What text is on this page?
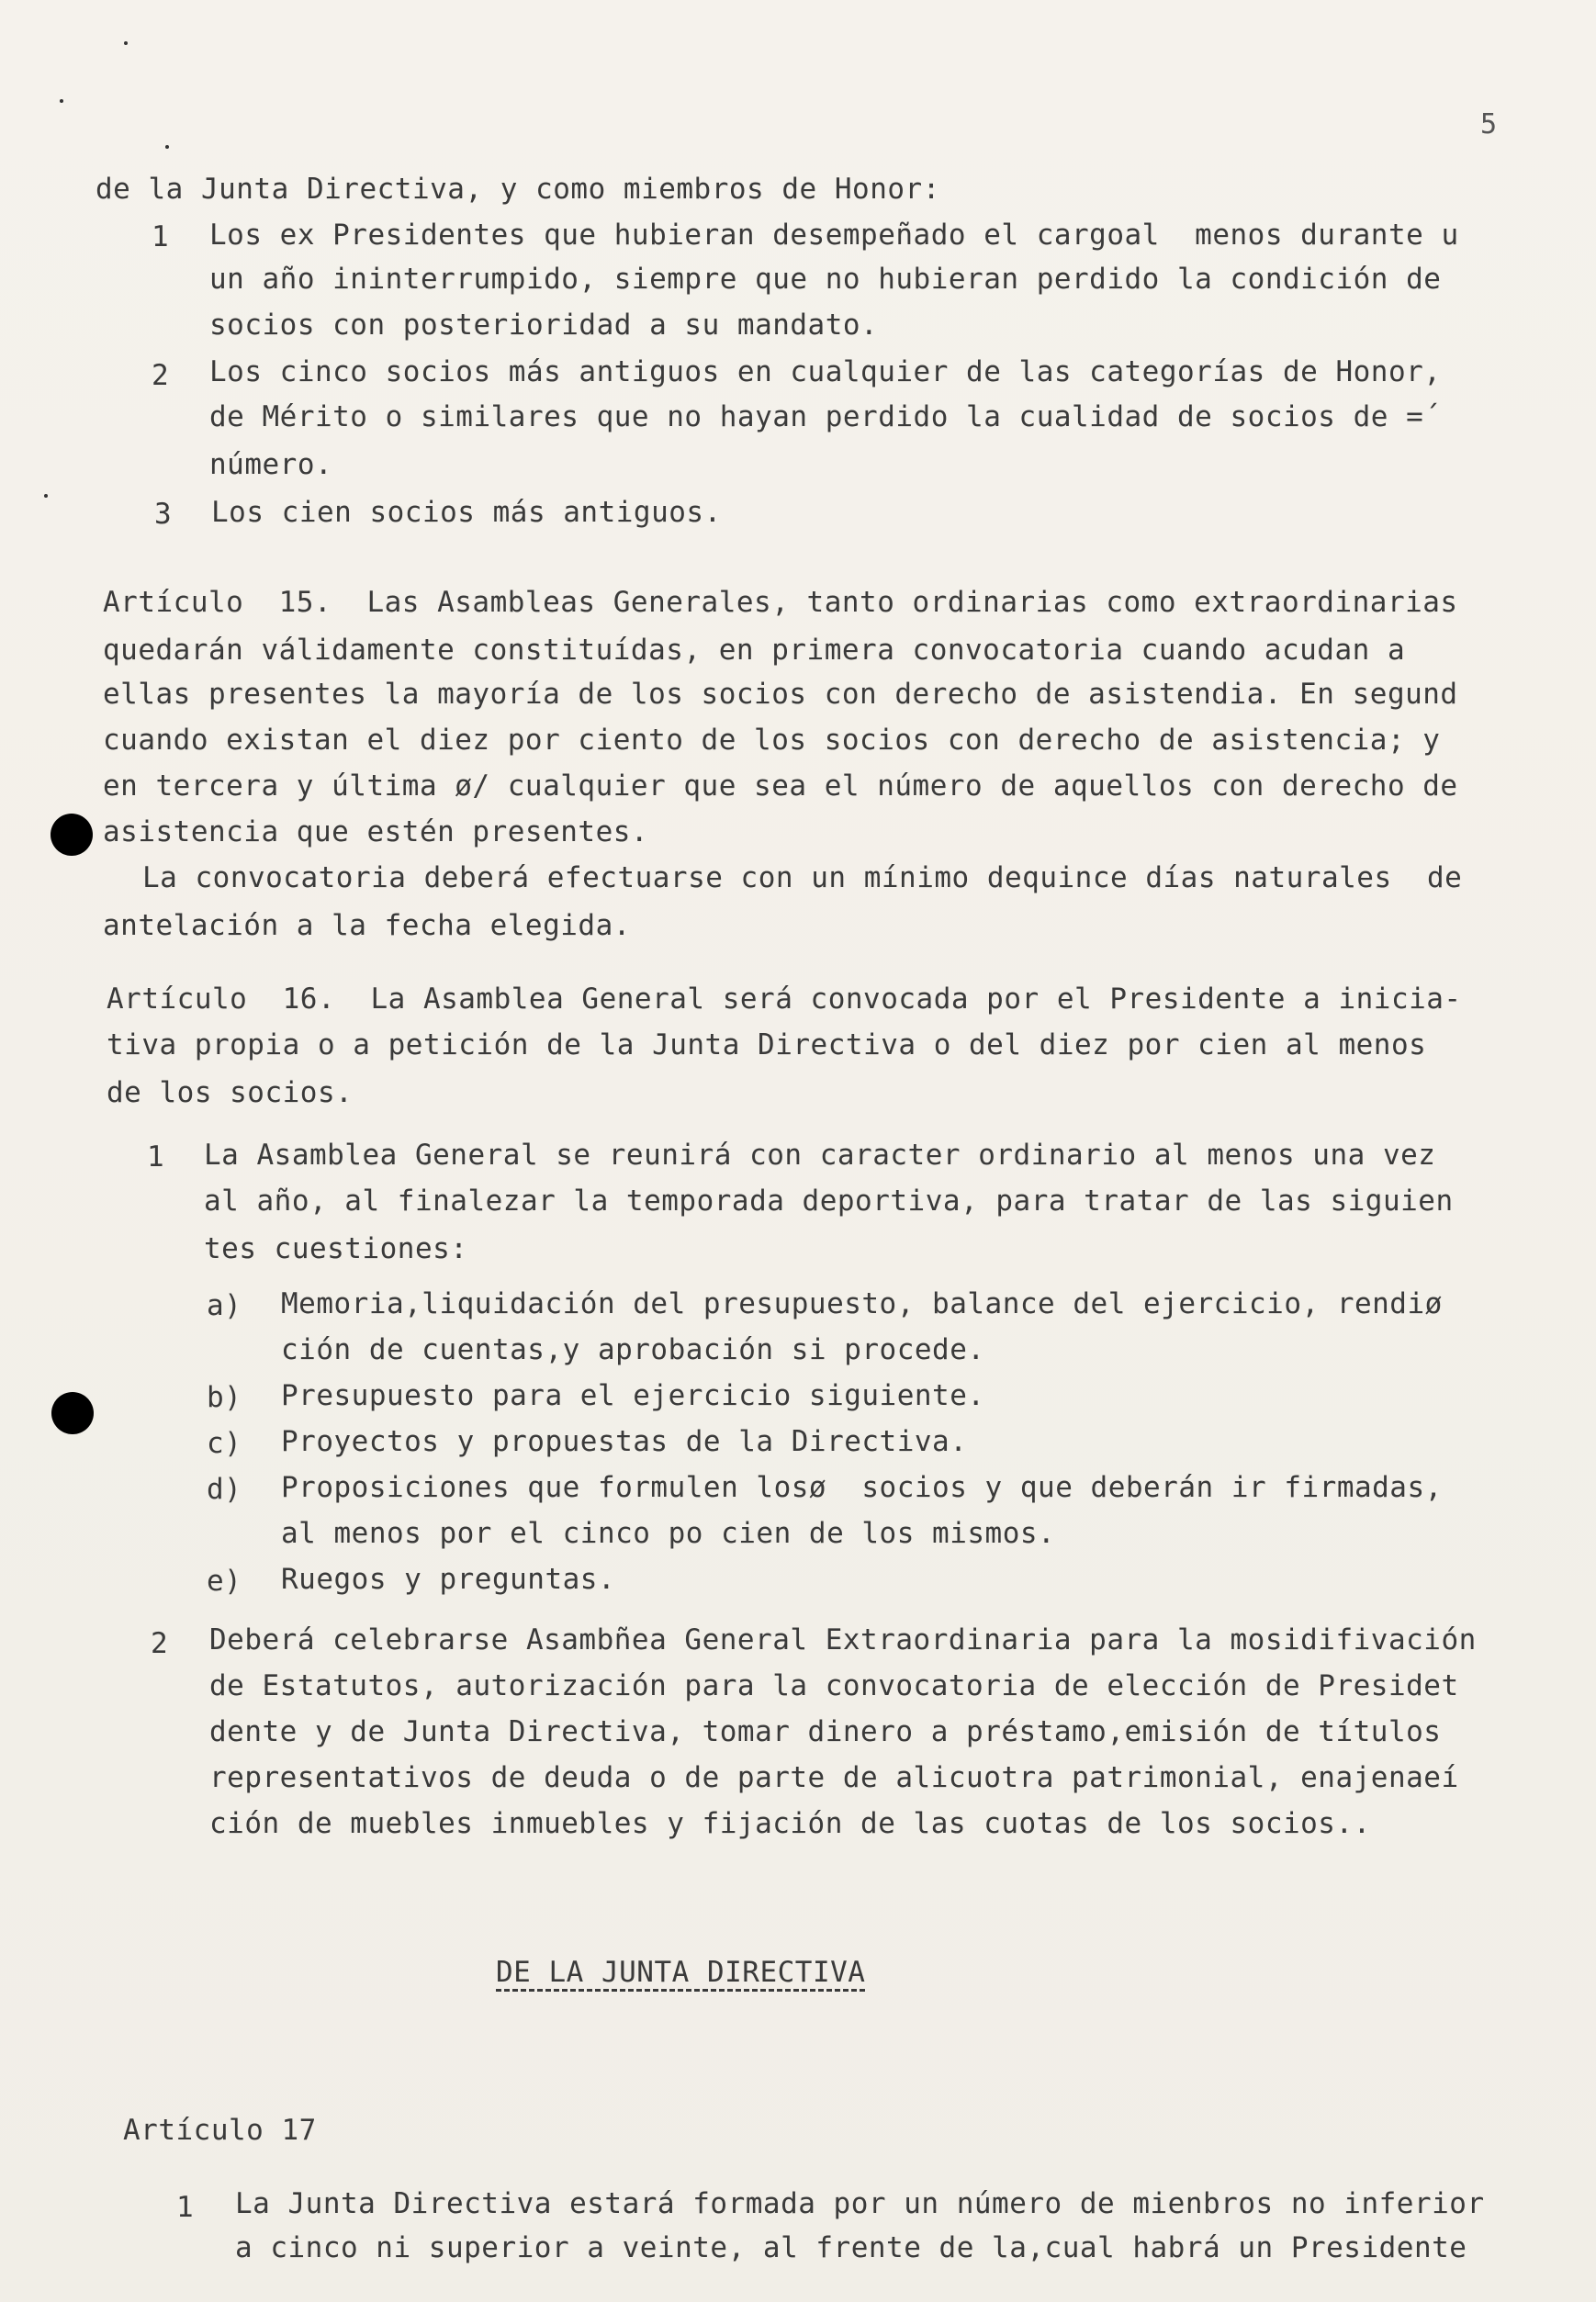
5
de la Junta Directiva, y como miembros de Honor:
1 Los ex Presidentes que hubieran desempeñado el cargoal  menos durante u
un año ininterrumpido, siempre que no hubieran perdido la condición de
socios con posterioridad a su mandato.
2 Los cinco socios más antiguos en cualquier de las categorías de Honor,
de Mérito o similares que no hayan perdido la cualidad de socios de =´
número.
3 Los cien socios más antiguos.
Artículo  15.  Las Asambleas Generales, tanto ordinarias como extraordinarias
quedarán válidamente constituídas, en primera convocatoria cuando acudan a
ellas presentes la mayoría de los socios con derecho de asistendia. En segund
cuando existan el diez por ciento de los socios con derecho de asistencia; y
en tercera y última ø/ cualquier que sea el número de aquellos con derecho de
asistencia que estén presentes.
La convocatoria deberá efectuarse con un mínimo dequince días naturales  de
antelación a la fecha elegida.
Artículo  16.  La Asamblea General será convocada por el Presidente a inicia-
tiva propia o a petición de la Junta Directiva o del diez por cien al menos
de los socios.
1 La Asamblea General se reunirá con caracter ordinario al menos una vez
al año, al finalezar la temporada deportiva, para tratar de las siguien
tes cuestiones:
a) Memoria,liquidación del presupuesto, balance del ejercicio, rendiø
ción de cuentas,y aprobación si procede.
b) Presupuesto para el ejercicio siguiente.
c) Proyectos y propuestas de la Directiva.
d) Proposiciones que formulen losø  socios y que deberán ir firmadas,
al menos por el cinco po cien de los mismos.
e) Ruegos y preguntas.
2 Deberá celebrarse Asambñea General Extraordinaria para la mosidifivación
de Estatutos, autorización para la convocatoria de elección de Presidet
dente y de Junta Directiva, tomar dinero a préstamo,emisión de títulos
representativos de deuda o de parte de alicuotra patrimonial, enajenaeí
ción de muebles inmuebles y fijación de las cuotas de los socios..
DE LA JUNTA DIRECTIVA
Artículo 17
1 La Junta Directiva estará formada por un número de mienbros no inferior
a cinco ni superior a veinte, al frente de la,cual habrá un Presidente
